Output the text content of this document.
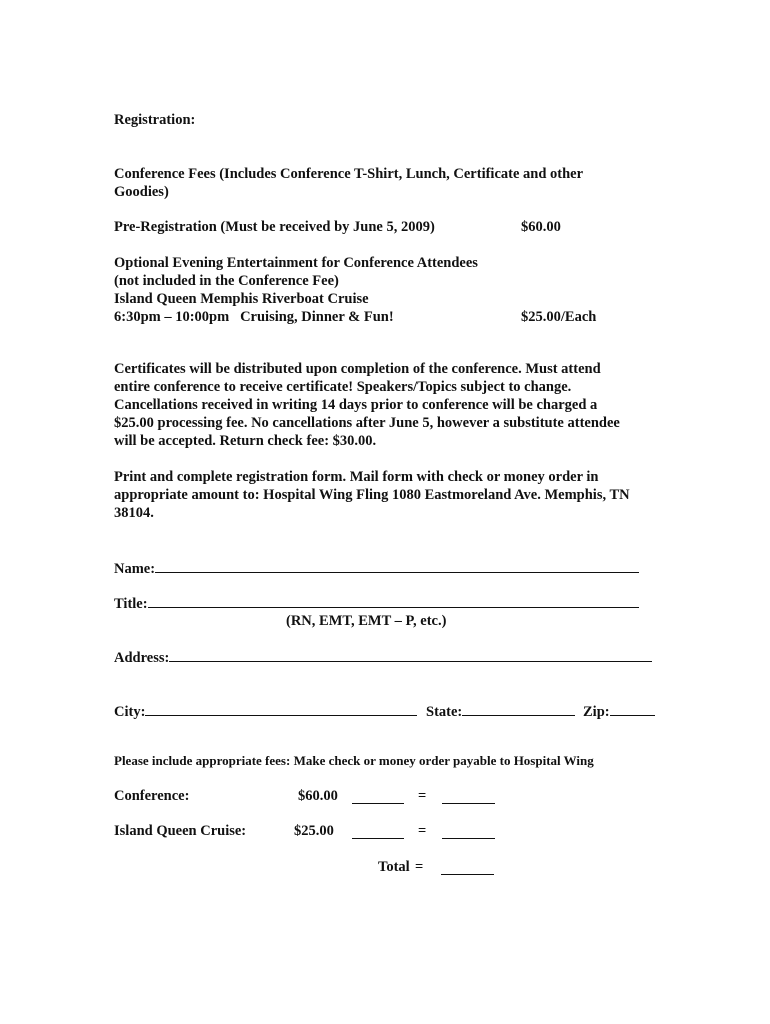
Registration:
Conference Fees (Includes Conference T-Shirt, Lunch, Certificate and other
Goodies)
Pre-Registration (Must be received by June 5, 2009)	$60.00
Optional Evening Entertainment for Conference Attendees
(not included in the Conference Fee)
Island Queen Memphis Riverboat Cruise
6:30pm – 10:00pm   Cruising, Dinner & Fun!	$25.00/Each
Certificates will be distributed upon completion of the conference. Must attend
entire conference to receive certificate! Speakers/Topics subject to change.
Cancellations received in writing 14 days prior to conference will be charged a
$25.00 processing fee. No cancellations after June 5, however a substitute attendee
will be accepted. Return check fee: $30.00.
Print and complete registration form. Mail form with check or money order in
appropriate amount to: Hospital Wing Fling 1080 Eastmoreland Ave. Memphis, TN
38104.
Name:
Title:
(RN, EMT, EMT – P, etc.)
Address:
City:	State:	Zip:
Please include appropriate fees: Make check or money order payable to Hospital Wing
Conference:	$60.00	=
Island Queen Cruise:	$25.00	=
Total =
